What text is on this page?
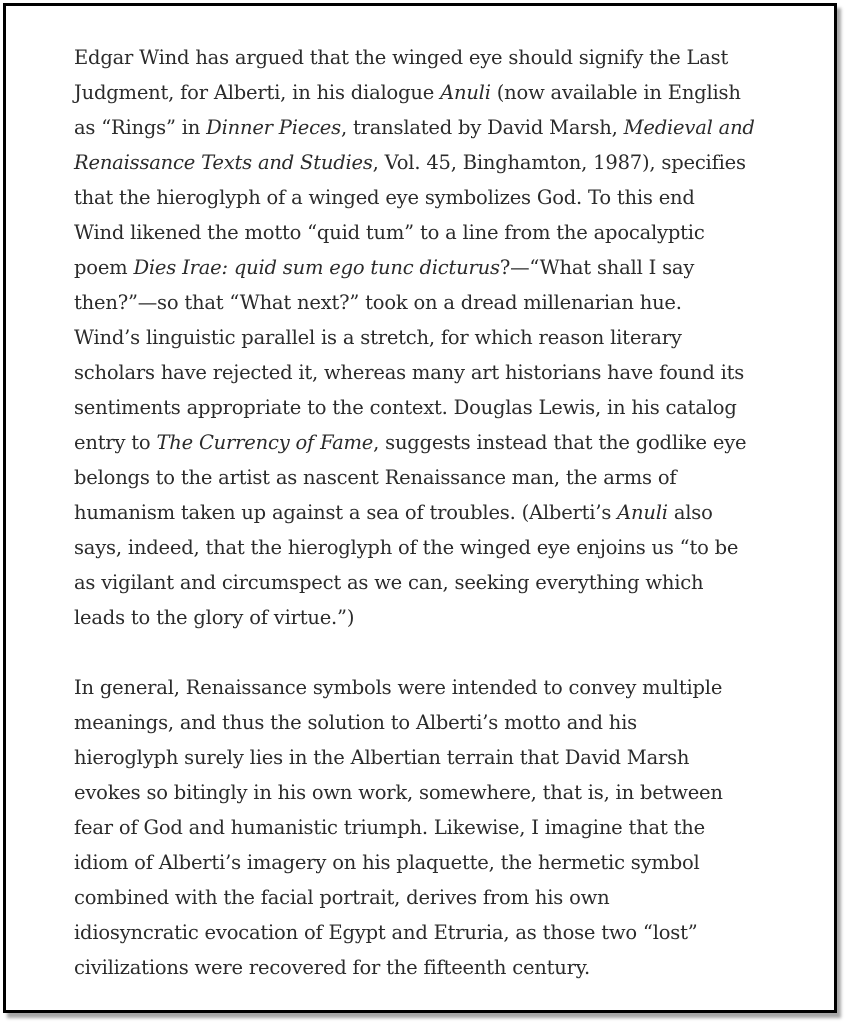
Edgar Wind has argued that the winged eye should signify the Last
Judgment, for Alberti, in his dialogue Anuli (now available in English
as “Rings” in Dinner Pieces, translated by David Marsh, Medieval and
Renaissance Texts and Studies, Vol. 45, Binghamton, 1987), specifies
that the hieroglyph of a winged eye symbolizes God. To this end
Wind likened the motto “quid tum” to a line from the apocalyptic
poem Dies Irae: quid sum ego tunc dicturus?—“What shall I say
then?”—so that “What next?” took on a dread millenarian hue.
Wind’s linguistic parallel is a stretch, for which reason literary
scholars have rejected it, whereas many art historians have found its
sentiments appropriate to the context. Douglas Lewis, in his catalog
entry to The Currency of Fame, suggests instead that the godlike eye
belongs to the artist as nascent Renaissance man, the arms of
humanism taken up against a sea of troubles. (Alberti’s Anuli also
says, indeed, that the hieroglyph of the winged eye enjoins us “to be
as vigilant and circumspect as we can, seeking everything which
leads to the glory of virtue.”)

In general, Renaissance symbols were intended to convey multiple
meanings, and thus the solution to Alberti’s motto and his
hieroglyph surely lies in the Albertian terrain that David Marsh
evokes so bitingly in his own work, somewhere, that is, in between
fear of God and humanistic triumph. Likewise, I imagine that the
idiom of Alberti’s imagery on his plaquette, the hermetic symbol
combined with the facial portrait, derives from his own
idiosyncratic evocation of Egypt and Etruria, as those two “lost”
civilizations were recovered for the fifteenth century.
